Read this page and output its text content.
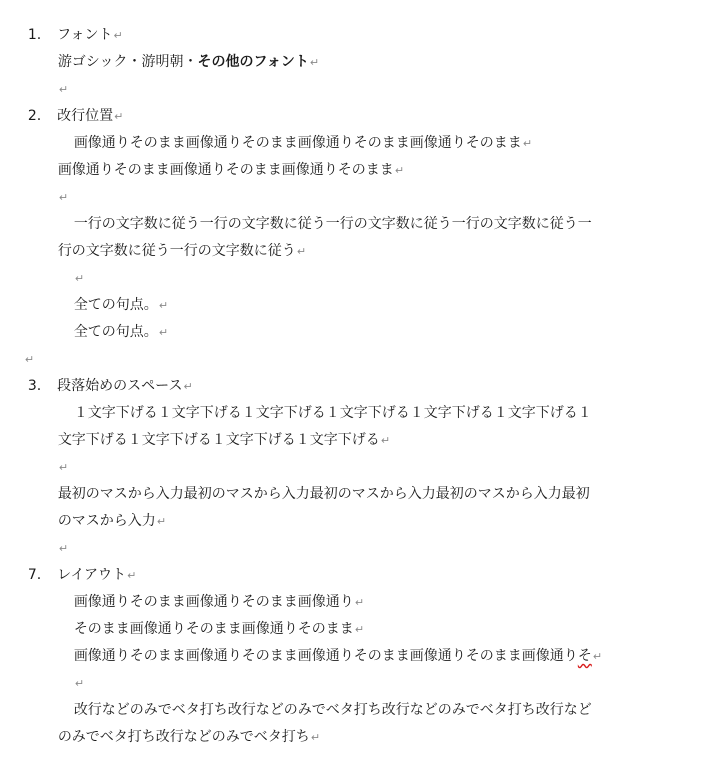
1. フォント↵

游ゴシック・游明朝・その他のフォント↵

↵

2. 改行位置↵

画像通りそのまま画像通りそのまま画像通りそのまま画像通りそのまま↵

画像通りそのまま画像通りそのまま画像通りそのまま↵

↵

一行の文字数に従う一行の文字数に従う一行の文字数に従う一行の文字数に従う一

行の文字数に従う一行の文字数に従う↵

↵

全ての句点。↵

全ての句点。↵

↵

3. 段落始めのスペース↵

１文字下げる１文字下げる１文字下げる１文字下げる１文字下げる１文字下げる１

文字下げる１文字下げる１文字下げる１文字下げる↵

↵

最初のマスから入力最初のマスから入力最初のマスから入力最初のマスから入力最初

のマスから入力↵

↵

7. レイアウト↵

画像通りそのまま画像通りそのまま画像通り↵

そのまま画像通りそのまま画像通りそのまま↵

画像通りそのまま画像通りそのまま画像通りそのまま画像通りそのまま画像通りそ↵

↵

改行などのみでベタ打ち改行などのみでベタ打ち改行などのみでベタ打ち改行など

のみでベタ打ち改行などのみでベタ打ち↵
